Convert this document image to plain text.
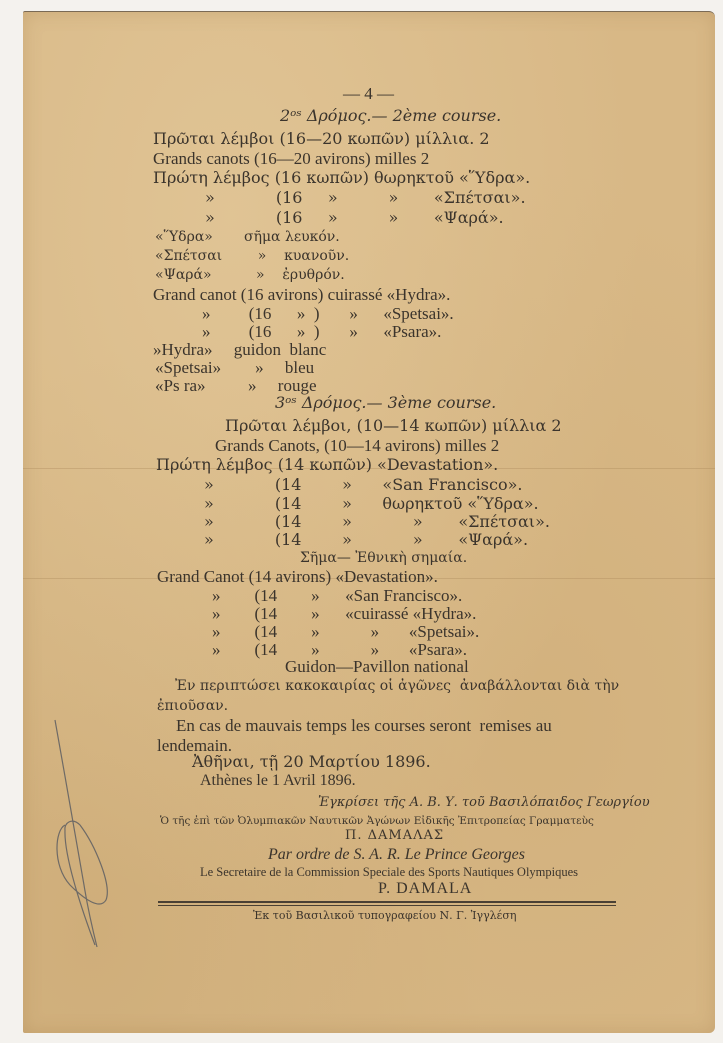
— 4 —
2ᵒˢ Δρόμος.— 2ème course.
Πρῶται λέμβοι (16—20 κωπῶν) μίλλια. 2
Grands canots (16—20 avirons) milles 2
Πρώτη λέμβος (16 κωπῶν) θωρηκτοῦ «Ὕδρα».
»            (16     »          »       «Σπέτσαι».
»            (16     »          »       «Ψαρά».
«Ὕδρα»       σῆμα λευκόν.
«Σπέτσαι        »    κυανοῦν.
«Ψαρά»          »    ἐρυθρόν.
Grand canot (16 avirons) cuirassé «Hydra».
»         (16      »  )       »      «Spetsai».
»         (16      »  )       »      «Psara».
»Hydra»     guidon  blanc
«Spetsai»        »     bleu
«Ps ra»          »     rouge
3ᵒˢ Δρόμος.— 3ème course.
Πρῶται λέμβοι, (10—14 κωπῶν) μίλλια 2
Grands Canots, (10—14 avirons) milles 2
Πρώτη λέμβος (14 κωπῶν) «Devastation».
»            (14        »      «San Francisco».
»            (14        »      θωρηκτοῦ «Ὕδρα».
»            (14        »            »       «Σπέτσαι».
»            (14        »            »       «Ψαρά».
Σῆμα— Ἐθνικὴ σημαία.
Grand Canot (14 avirons) «Devastation».
»        (14        »      «San Francisco».
»        (14        »      «cuirassé «Hydra».
»        (14        »            »       «Spetsai».
»        (14        »            »       «Psara».
Guidon—Pavillon national
Ἐν περιπτώσει κακοκαιρίας οἱ ἀγῶνες  ἀναβάλλονται διὰ τὴν
ἐπιοῦσαν.
En cas de mauvais temps les courses seront  remises au
lendemain.
Ἀθῆναι, τῇ 20 Μαρτίου 1896.
Athènes le 1 Avril 1896.
Ἐγκρίσει τῆς Α. Β. Υ. τοῦ Βασιλόπαιδος Γεωργίου
Ὁ τῆς ἐπὶ τῶν Ὀλυμπιακῶν Ναυτικῶν Ἀγώνων Εἰδικῆς Ἐπιτροπείας Γραμματεὺς
Π. ΔΑΜΑΛΑΣ
Par ordre de S. A. R. Le Prince Georges
Le Secretaire de la Commission Speciale des Sports Nautiques Olympiques
P. DAMALA
Ἐκ τοῦ Βασιλικοῦ τυπογραφείου Ν. Γ. Ἰγγλέση
